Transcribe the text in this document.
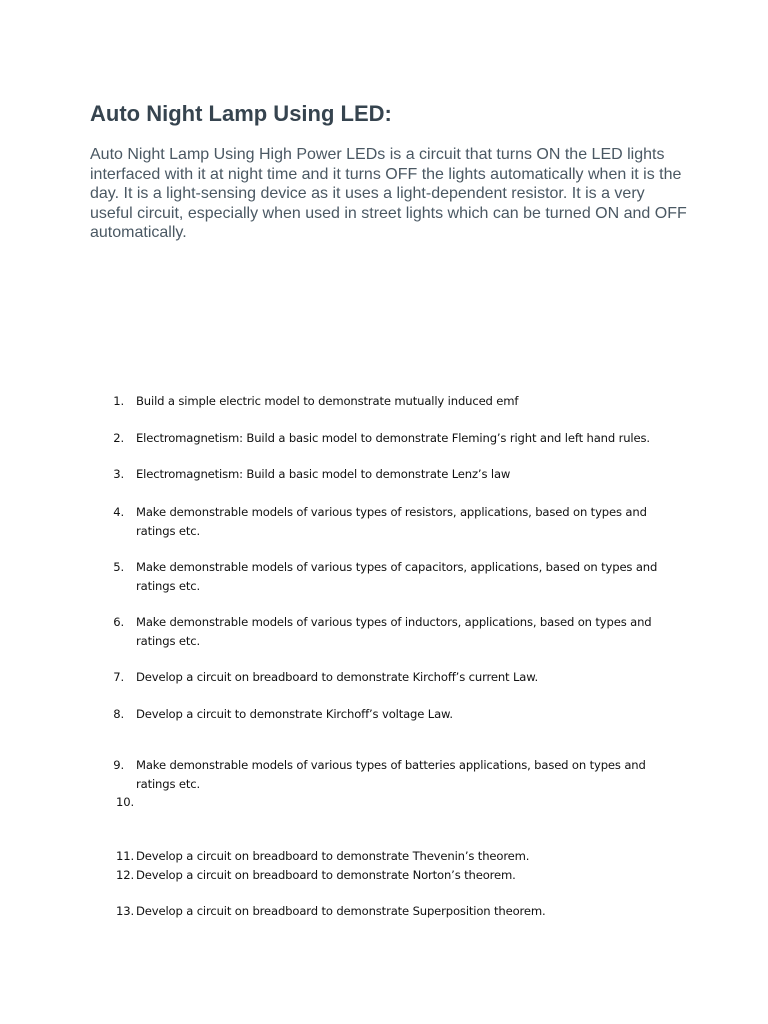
Auto Night Lamp Using LED:

Auto Night Lamp Using High Power LEDs is a circuit that turns ON the LED lights interfaced with it at night time and it turns OFF the lights automatically when it is the day. It is a light-sensing device as it uses a light-dependent resistor. It is a very useful circuit, especially when used in street lights which can be turned ON and OFF automatically.

1. Build a simple electric model to demonstrate mutually induced emf
2. Electromagnetism: Build a basic model to demonstrate Fleming’s right and left hand rules.
3. Electromagnetism: Build a basic model to demonstrate Lenz’s law
4. Make demonstrable models of various types of resistors, applications, based on types and ratings etc.
5. Make demonstrable models of various types of capacitors, applications, based on types and ratings etc.
6. Make demonstrable models of various types of inductors, applications, based on types and ratings etc.
7. Develop a circuit on breadboard to demonstrate Kirchoff’s current Law.
8. Develop a circuit to demonstrate Kirchoff’s voltage Law.
9. Make demonstrable models of various types of batteries applications, based on types and ratings etc.
10.
11. Develop a circuit on breadboard to demonstrate Thevenin’s theorem.
12. Develop a circuit on breadboard to demonstrate Norton’s theorem.
13. Develop a circuit on breadboard to demonstrate Superposition theorem.
